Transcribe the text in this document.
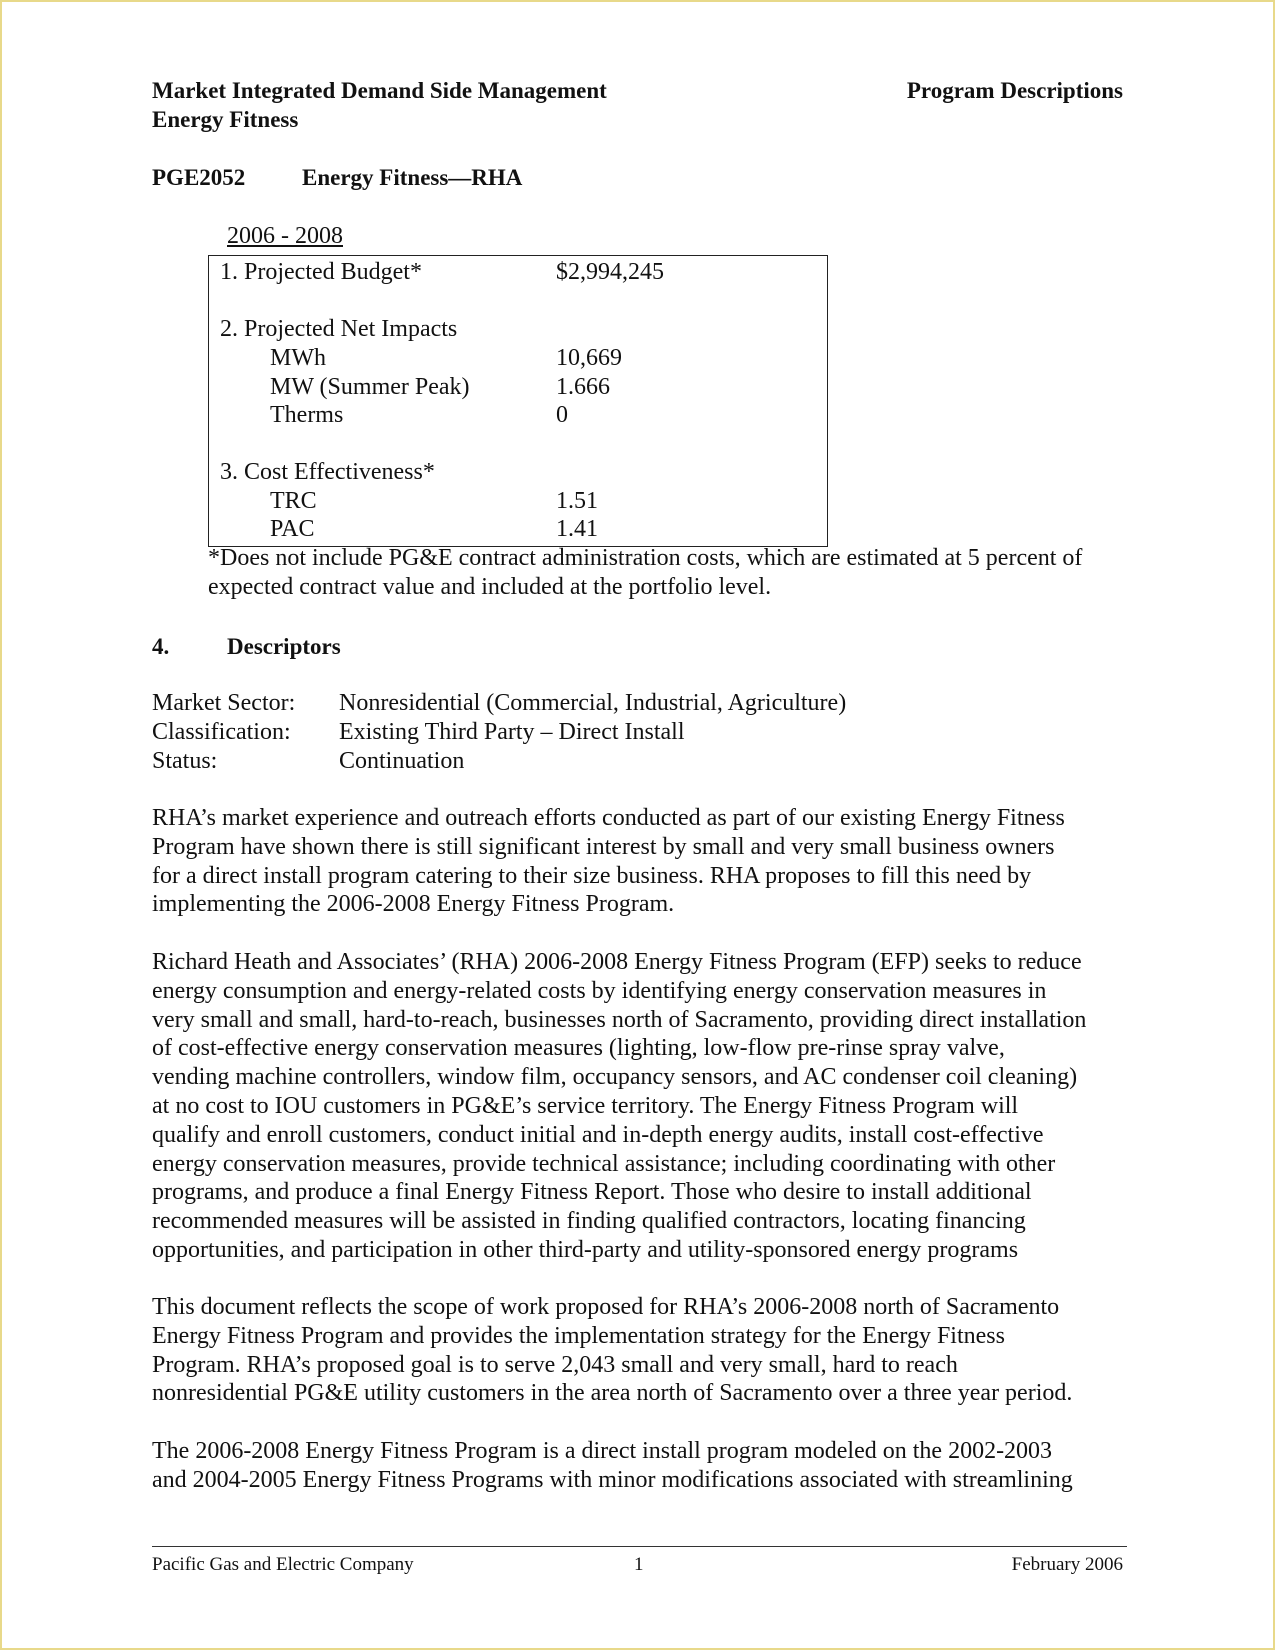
Market Integrated Demand Side Management
Energy Fitness
Program Descriptions
PGE2052 Energy Fitness—RHA
2006 - 2008
1. Projected Budget*	$2,994,245
2. Projected Net Impacts
MWh	10,669
MW (Summer Peak)	1.666
Therms	0
3. Cost Effectiveness*
TRC	1.51
PAC	1.41
*Does not include PG&E contract administration costs, which are estimated at 5 percent of
expected contract value and included at the portfolio level.
4.	Descriptors
Market Sector: Nonresidential (Commercial, Industrial, Agriculture)
Classification: Existing Third Party – Direct Install
Status:	Continuation
RHA’s market experience and outreach efforts conducted as part of our existing Energy Fitness
Program have shown there is still significant interest by small and very small business owners
for a direct install program catering to their size business. RHA proposes to fill this need by
implementing the 2006-2008 Energy Fitness Program.
Richard Heath and Associates’ (RHA) 2006-2008 Energy Fitness Program (EFP) seeks to reduce
energy consumption and energy-related costs by identifying energy conservation measures in
very small and small, hard-to-reach, businesses north of Sacramento, providing direct installation
of cost-effective energy conservation measures (lighting, low-flow pre-rinse spray valve,
vending machine controllers, window film, occupancy sensors, and AC condenser coil cleaning)
at no cost to IOU customers in PG&E’s service territory. The Energy Fitness Program will
qualify and enroll customers, conduct initial and in-depth energy audits, install cost-effective
energy conservation measures, provide technical assistance; including coordinating with other
programs, and produce a final Energy Fitness Report. Those who desire to install additional
recommended measures will be assisted in finding qualified contractors, locating financing
opportunities, and participation in other third-party and utility-sponsored energy programs
This document reflects the scope of work proposed for RHA’s 2006-2008 north of Sacramento
Energy Fitness Program and provides the implementation strategy for the Energy Fitness
Program. RHA’s proposed goal is to serve 2,043 small and very small, hard to reach
nonresidential PG&E utility customers in the area north of Sacramento over a three year period.
The 2006-2008 Energy Fitness Program is a direct install program modeled on the 2002-2003
and 2004-2005 Energy Fitness Programs with minor modifications associated with streamlining
Pacific Gas and Electric Company	1	February 2006
